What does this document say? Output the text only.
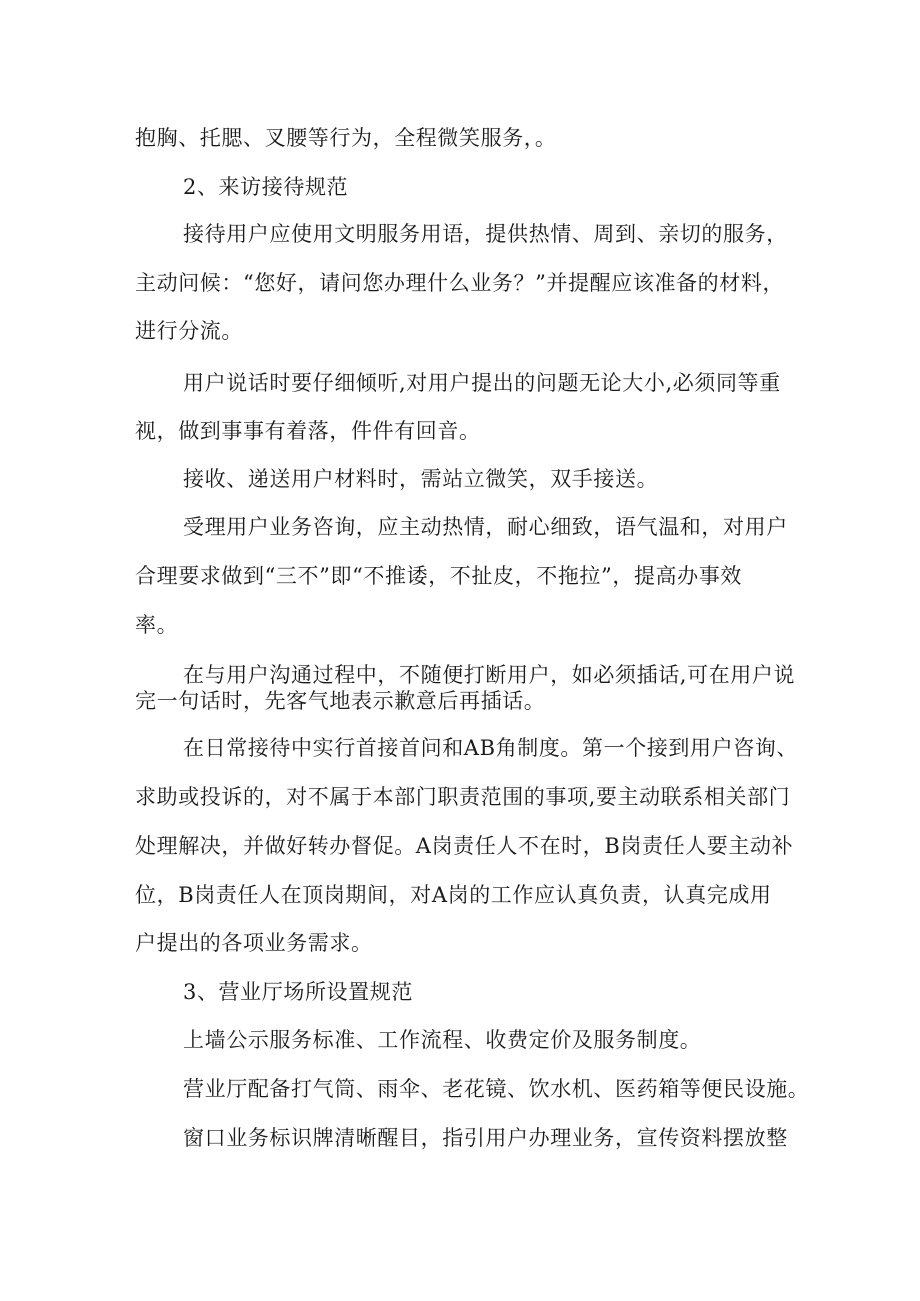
抱胸、托腮、叉腰等行为，全程微笑服务，。

2、来访接待规范

接待用户应使用文明服务用语，提供热情、周到、亲切的服务，

主动问候：“您好，请问您办理什么业务？”并提醒应该准备的材料，

进行分流。

用户说话时要仔细倾听,对用户提出的问题无论大小,必须同等重

视，做到事事有着落，件件有回音。

接收、递送用户材料时，需站立微笑，双手接送。

受理用户业务咨询，应主动热情，耐心细致，语气温和，对用户

合理要求做到“三不”即“不推诿，不扯皮，不拖拉”，提高办事效

率。

在与用户沟通过程中，不随便打断用户，如必须插话,可在用户说

完一句话时，先客气地表示歉意后再插话。

在日常接待中实行首接首问和AB角制度。第一个接到用户咨询、

求助或投诉的，对不属于本部门职责范围的事项,要主动联系相关部门

处理解决，并做好转办督促。A岗责任人不在时，B岗责任人要主动补

位，B岗责任人在顶岗期间，对A岗的工作应认真负责，认真完成用

户提出的各项业务需求。

3、营业厅场所设置规范

上墙公示服务标准、工作流程、收费定价及服务制度。

营业厅配备打气筒、雨伞、老花镜、饮水机、医药箱等便民设施。

窗口业务标识牌清晰醒目，指引用户办理业务，宣传资料摆放整
